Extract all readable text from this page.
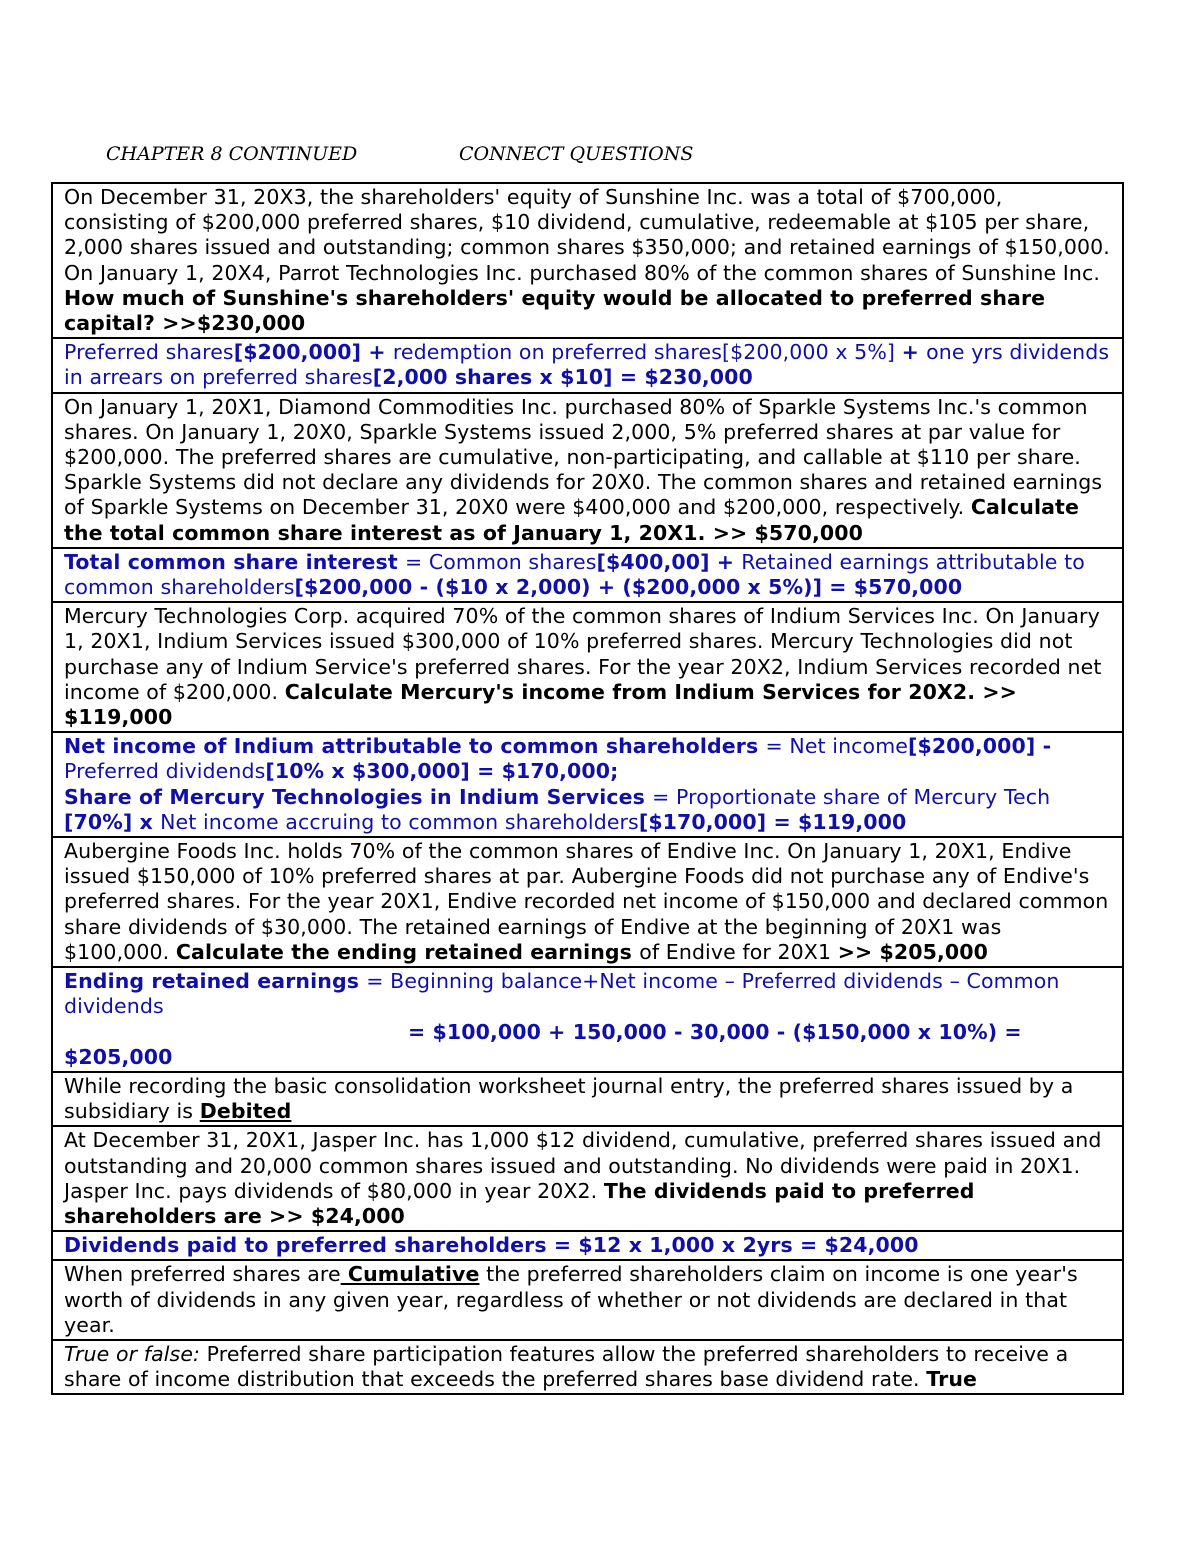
CHAPTER 8 CONTINUED	CONNECT QUESTIONS
On December 31, 20X3, the shareholders' equity of Sunshine Inc. was a total of $700,000, consisting of $200,000 preferred shares, $10 dividend, cumulative, redeemable at $105 per share, 2,000 shares issued and outstanding; common shares $350,000; and retained earnings of $150,000. On January 1, 20X4, Parrot Technologies Inc. purchased 80% of the common shares of Sunshine Inc. How much of Sunshine's shareholders' equity would be allocated to preferred share capital? >>$230,000
Preferred shares[$200,000] + redemption on preferred shares[$200,000 x 5%] + one yrs dividends in arrears on preferred shares[2,000 shares x $10] = $230,000
On January 1, 20X1, Diamond Commodities Inc. purchased 80% of Sparkle Systems Inc.'s common shares. On January 1, 20X0, Sparkle Systems issued 2,000, 5% preferred shares at par value for $200,000. The preferred shares are cumulative, non-participating, and callable at $110 per share. Sparkle Systems did not declare any dividends for 20X0. The common shares and retained earnings of Sparkle Systems on December 31, 20X0 were $400,000 and $200,000, respectively. Calculate the total common share interest as of January 1, 20X1. >> $570,000
Total common share interest = Common shares[$400,00] + Retained earnings attributable to common shareholders[$200,000 - ($10 x 2,000) + ($200,000 x 5%)] = $570,000
Mercury Technologies Corp. acquired 70% of the common shares of Indium Services Inc. On January 1, 20X1, Indium Services issued $300,000 of 10% preferred shares. Mercury Technologies did not purchase any of Indium Service's preferred shares. For the year 20X2, Indium Services recorded net income of $200,000. Calculate Mercury's income from Indium Services for 20X2. >> $119,000
Net income of Indium attributable to common shareholders = Net income[$200,000] - Preferred dividends[10% x $300,000] = $170,000;
Share of Mercury Technologies in Indium Services = Proportionate share of Mercury Tech [70%] x Net income accruing to common shareholders[$170,000] = $119,000
Aubergine Foods Inc. holds 70% of the common shares of Endive Inc. On January 1, 20X1, Endive issued $150,000 of 10% preferred shares at par. Aubergine Foods did not purchase any of Endive's preferred shares. For the year 20X1, Endive recorded net income of $150,000 and declared common share dividends of $30,000. The retained earnings of Endive at the beginning of 20X1 was $100,000. Calculate the ending retained earnings of Endive for 20X1 >> $205,000
Ending retained earnings = Beginning balance+Net income – Preferred dividends – Common dividends
= $100,000 + 150,000 - 30,000 - ($150,000 x 10%) =
$205,000
While recording the basic consolidation worksheet journal entry, the preferred shares issued by a subsidiary is Debited
At December 31, 20X1, Jasper Inc. has 1,000 $12 dividend, cumulative, preferred shares issued and outstanding and 20,000 common shares issued and outstanding. No dividends were paid in 20X1. Jasper Inc. pays dividends of $80,000 in year 20X2. The dividends paid to preferred shareholders are >> $24,000
Dividends paid to preferred shareholders = $12 x 1,000 x 2yrs = $24,000
When preferred shares are Cumulative the preferred shareholders claim on income is one year's worth of dividends in any given year, regardless of whether or not dividends are declared in that year.
True or false: Preferred share participation features allow the preferred shareholders to receive a share of income distribution that exceeds the preferred shares base dividend rate. True
